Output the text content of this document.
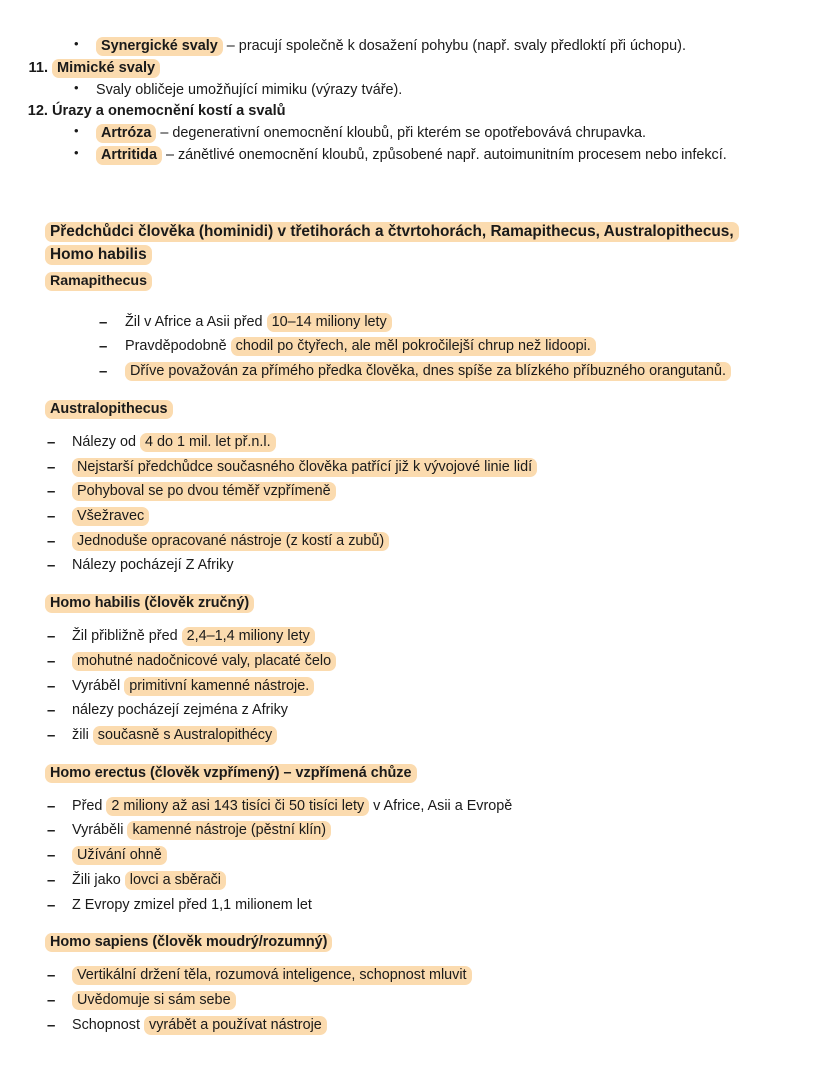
• Synergické svaly – pracují společně k dosažení pohybu (např. svaly předloktí při úchopu).
11. Mimické svaly
• Svaly obličeje umožňující mimiku (výrazy tváře).
12. Úrazy a onemocnění kostí a svalů
• Artróza – degenerativní onemocnění kloubů, při kterém se opotřebovává chrupavka.
• Artritida – zánětlivé onemocnění kloubů, způsobené např. autoimunitním procesem nebo infekcí.
Předchůdci člověka (hominidi) v třetihorách a čtvrtohorách, Ramapithecus, Australopithecus,
Homo habilis
Ramapithecus
– Žil v Africe a Asii před 10–14 miliony lety
– Pravděpodobně chodil po čtyřech, ale měl pokročilejší chrup než lidoopi.
– Dříve považován za přímého předka člověka, dnes spíše za blízkého příbuzného orangutanů.
Australopithecus
– Nálezy od 4 do 1 mil. let př.n.l.
– Nejstarší předchůdce současného člověka patřící již k vývojové linie lidí
– Pohyboval se po dvou téměř vzpřímeně
– Všežravec
– Jednoduše opracované nástroje (z kostí a zubů)
– Nálezy pocházejí Z Afriky
Homo habilis (člověk zručný)
– Žil přibližně před 2,4–1,4 miliony lety
– mohutné nadočnicové valy, placaté čelo
– Vyráběl primitivní kamenné nástroje.
– nálezy pocházejí zejména z Afriky
– žili současně s Australopithécy
Homo erectus (člověk vzpřímený) – vzpřímená chůze
– Před 2 miliony až asi 143 tisíci či 50 tisíci lety v Africe, Asii a Evropě
– Vyráběli kamenné nástroje (pěstní klín)
– Užívání ohně
– Žili jako lovci a sběrači
– Z Evropy zmizel před 1,1 milionem let
Homo sapiens (člověk moudrý/rozumný)
– Vertikální držení těla, rozumová inteligence, schopnost mluvit
– Uvědomuje si sám sebe
– Schopnost vyrábět a používat nástroje
